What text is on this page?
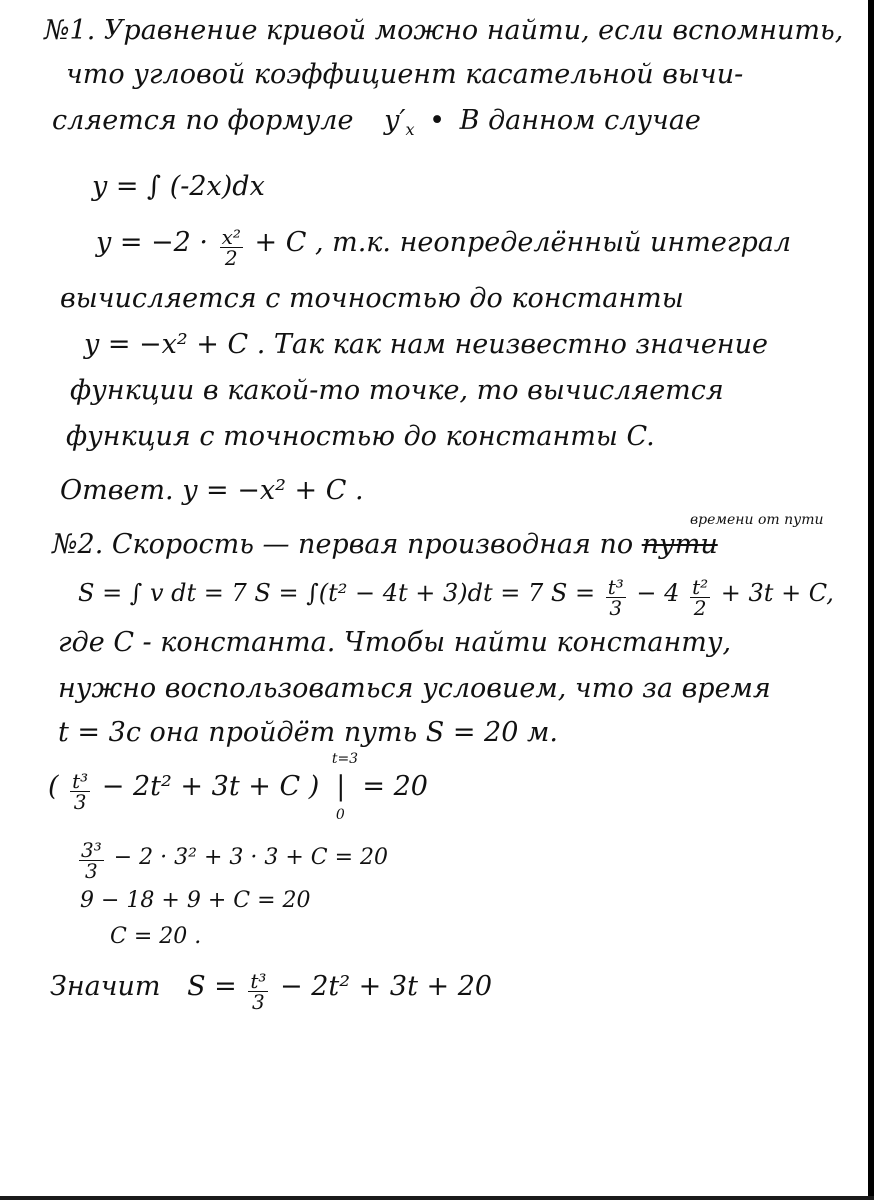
№1. Уравнение кривой можно найти, если вспомнить,
что угловой коэффициент касательной вычи-
сляется по формуле $y'_x$ • В данном случае
y = ∫ (-2x)dx
$y = -2 \cdot \frac{\text{x²}}{2} + C$ , т.к. неопределённый интеграл
вычисляется с точностью до константы
y = −x² + C . Так как нам неизвестно значение
функции в какой-то точке, то вычисляется
функция с точностью до константы C.
Ответ. y = −x² + C .
времени от пути
№2. Скорость — первая производная по пути
S = ∫ v dt = 7 S = ∫(t² − 4t + 3)dt = 7 $S = \frac{\text{t³}}{3} - 4 \frac{\text{t²}}{2} + 3t + C$,
где C - константа. Чтобы найти константу,
нужно воспользоваться условием, что за время
t = 3с она пройдёт путь S = 20 м.
( $\frac{\text{t³}}{3} - 2t^2 + 3t + C$ )
t=3
|
0
= 20
$\frac{\text{3³}}{3} - 2 \cdot 3^2 + 3 \cdot 3 + C = 20$
9 − 18 + 9 + C = 20
C = 20 .
Значит $S = \frac{\text{t³}}{3} - 2t^2 + 3t + 20$
